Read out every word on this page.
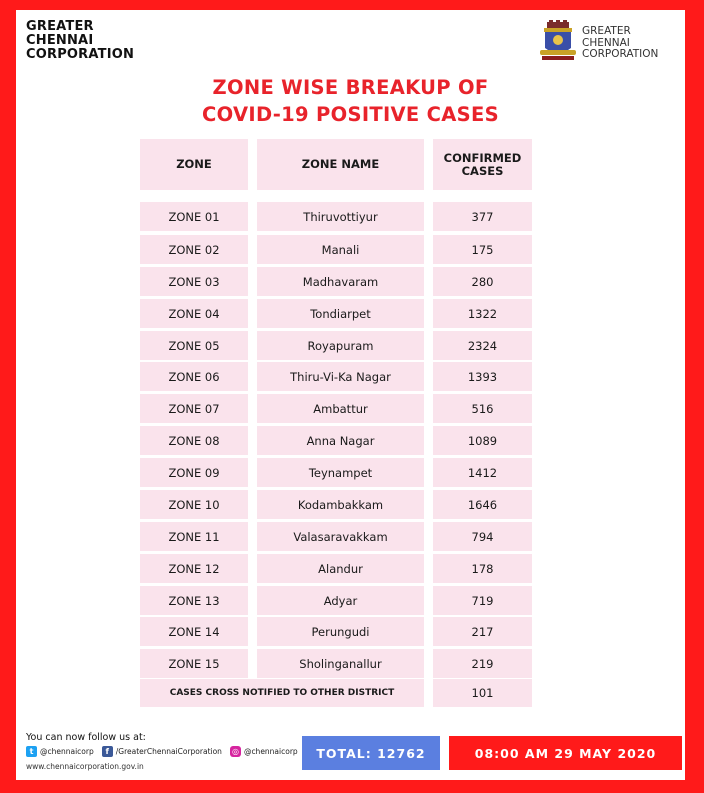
GREATER
CHENNAI
CORPORATION
GREATER
CHENNAI
CORPORATION
ZONE WISE BREAKUP OF
COVID-19 POSITIVE CASES
ZONE	ZONE NAME	CONFIRMED CASES
ZONE 01	Thiruvottiyur	377
ZONE 02	Manali	175
ZONE 03	Madhavaram	280
ZONE 04	Tondiarpet	1322
ZONE 05	Royapuram	2324
ZONE 06	Thiru-Vi-Ka Nagar	1393
ZONE 07	Ambattur	516
ZONE 08	Anna Nagar	1089
ZONE 09	Teynampet	1412
ZONE 10	Kodambakkam	1646
ZONE 11	Valasaravakkam	794
ZONE 12	Alandur	178
ZONE 13	Adyar	719
ZONE 14	Perungudi	217
ZONE 15	Sholinganallur	219
CASES CROSS NOTIFIED TO OTHER DISTRICT	101
You can now follow us at:
t @chennaicorp	f /GreaterChennaiCorporation ◎ @chennaicorp
www.chennaicorporation.gov.in
TOTAL: 12762	08:00 AM 29 MAY 2020
